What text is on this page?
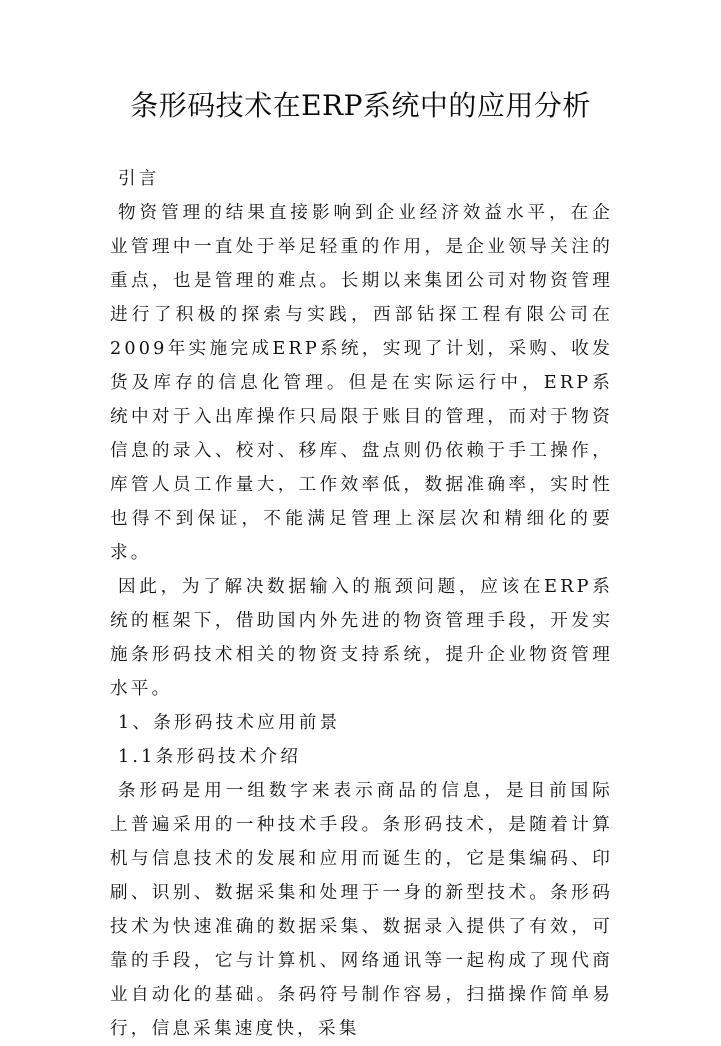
条形码技术在ERP系统中的应用分析

引言

物资管理的结果直接影响到企业经济效益水平，在企业管理中一直处于举足轻重的作用，是企业领导关注的重点，也是管理的难点。长期以来集团公司对物资管理进行了积极的探索与实践，西部钻探工程有限公司在2009年实施完成ERP系统，实现了计划，采购、收发货及库存的信息化管理。但是在实际运行中，ERP系统中对于入出库操作只局限于账目的管理，而对于物资信息的录入、校对、移库、盘点则仍依赖于手工操作，库管人员工作量大，工作效率低，数据准确率，实时性也得不到保证，不能满足管理上深层次和精细化的要求。

因此，为了解决数据输入的瓶颈问题，应该在ERP系统的框架下，借助国内外先进的物资管理手段，开发实施条形码技术相关的物资支持系统，提升企业物资管理水平。

1、条形码技术应用前景

1.1条形码技术介绍

条形码是用一组数字来表示商品的信息，是目前国际上普遍采用的一种技术手段。条形码技术，是随着计算机与信息技术的发展和应用而诞生的，它是集编码、印刷、识别、数据采集和处理于一身的新型技术。条形码技术为快速准确的数据采集、数据录入提供了有效，可靠的手段，它与计算机、网络通讯等一起构成了现代商业自动化的基础。条码符号制作容易，扫描操作简单易行，信息采集速度快，采集
